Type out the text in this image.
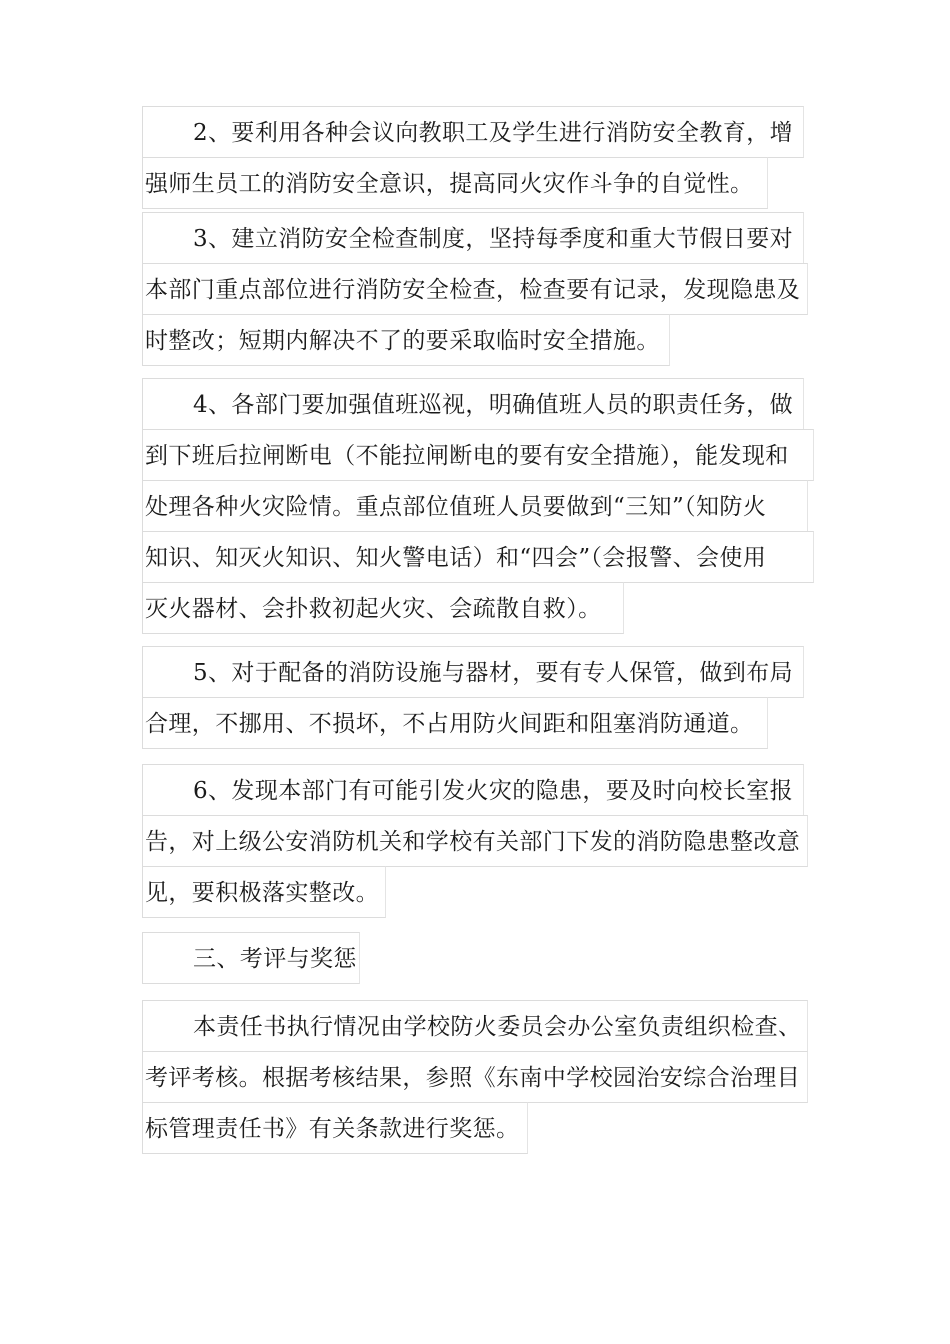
2、要利用各种会议向教职工及学生进行消防安全教育，增
强师生员工的消防安全意识，提高同火灾作斗争的自觉性。
3、建立消防安全检查制度，坚持每季度和重大节假日要对
本部门重点部位进行消防安全检查，检查要有记录，发现隐患及
时整改；短期内解决不了的要采取临时安全措施。
4、各部门要加强值班巡视，明确值班人员的职责任务，做
到下班后拉闸断电（不能拉闸断电的要有安全措施），能发现和
处理各种火灾险情。重点部位值班人员要做到“三知”（知防火
知识、知灭火知识、知火警电话）和“四会”（会报警、会使用
灭火器材、会扑救初起火灾、会疏散自救）。
5、对于配备的消防设施与器材，要有专人保管，做到布局
合理，不挪用、不损坏，不占用防火间距和阻塞消防通道。
6、发现本部门有可能引发火灾的隐患，要及时向校长室报
告，对上级公安消防机关和学校有关部门下发的消防隐患整改意
见，要积极落实整改。
三、考评与奖惩
本责任书执行情况由学校防火委员会办公室负责组织检查、
考评考核。根据考核结果，参照《东南中学校园治安综合治理目
标管理责任书》有关条款进行奖惩。
